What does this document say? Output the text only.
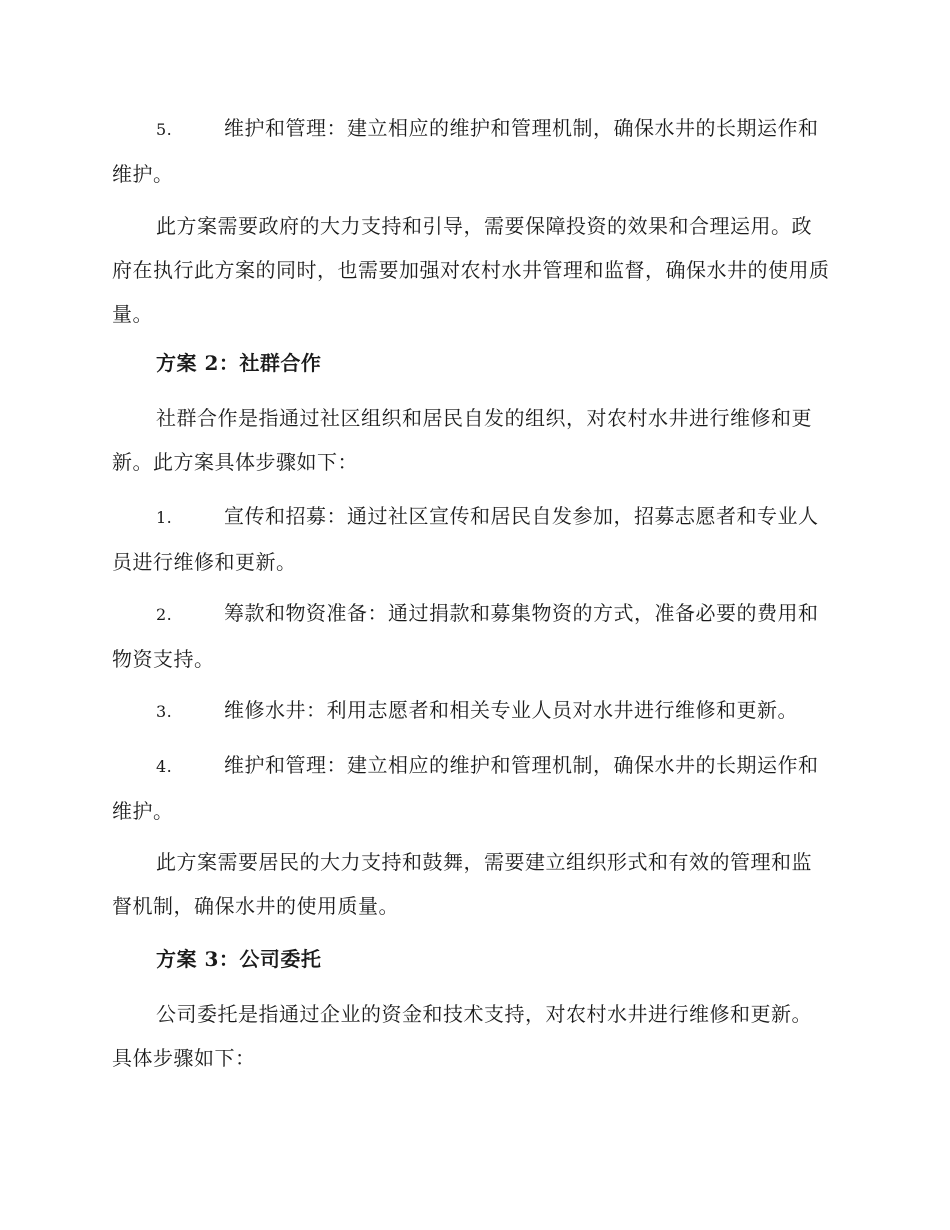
5.	维护和管理：建立相应的维护和管理机制，确保水井的长期运作和维护。

此方案需要政府的大力支持和引导，需要保障投资的效果和合理运用。政府在执行此方案的同时，也需要加强对农村水井管理和监督，确保水井的使用质量。

方案 2：社群合作

社群合作是指通过社区组织和居民自发的组织，对农村水井进行维修和更新。此方案具体步骤如下：

1.	宣传和招募：通过社区宣传和居民自发参加，招募志愿者和专业人员进行维修和更新。

2.	筹款和物资准备：通过捐款和募集物资的方式，准备必要的费用和物资支持。

3.	维修水井：利用志愿者和相关专业人员对水井进行维修和更新。

4.	维护和管理：建立相应的维护和管理机制，确保水井的长期运作和维护。

此方案需要居民的大力支持和鼓舞，需要建立组织形式和有效的管理和监督机制，确保水井的使用质量。

方案 3：公司委托

公司委托是指通过企业的资金和技术支持，对农村水井进行维修和更新。具体步骤如下：
